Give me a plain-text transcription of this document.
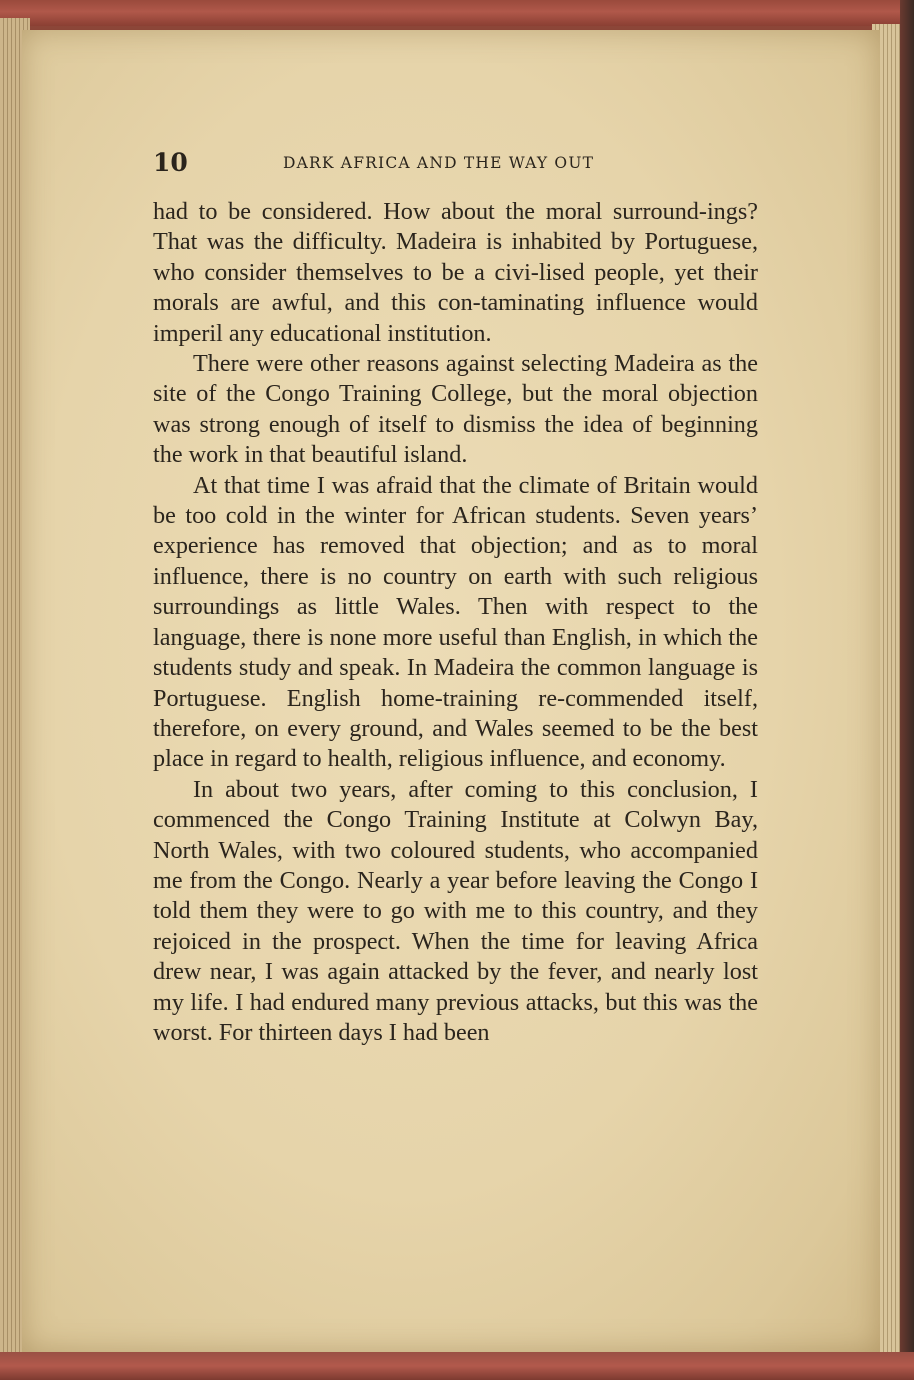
10	DARK AFRICA AND THE WAY OUT

had to be considered. How about the moral surround-ings? That was the difficulty. Madeira is inhabited by Portuguese, who consider themselves to be a civi-lised people, yet their morals are awful, and this con-taminating influence would imperil any educational institution.

There were other reasons against selecting Madeira as the site of the Congo Training College, but the moral objection was strong enough of itself to dismiss the idea of beginning the work in that beautiful island.

At that time I was afraid that the climate of Britain would be too cold in the winter for African students. Seven years’ experience has removed that objection; and as to moral influence, there is no country on earth with such religious surroundings as little Wales. Then with respect to the language, there is none more useful than English, in which the students study and speak. In Madeira the common language is Portuguese. English home-training re-commended itself, therefore, on every ground, and Wales seemed to be the best place in regard to health, religious influence, and economy.

In about two years, after coming to this conclusion, I commenced the Congo Training Institute at Colwyn Bay, North Wales, with two coloured students, who accompanied me from the Congo. Nearly a year before leaving the Congo I told them they were to go with me to this country, and they rejoiced in the prospect. When the time for leaving Africa drew near, I was again attacked by the fever, and nearly lost my life. I had endured many previous attacks, but this was the worst. For thirteen days I had been
